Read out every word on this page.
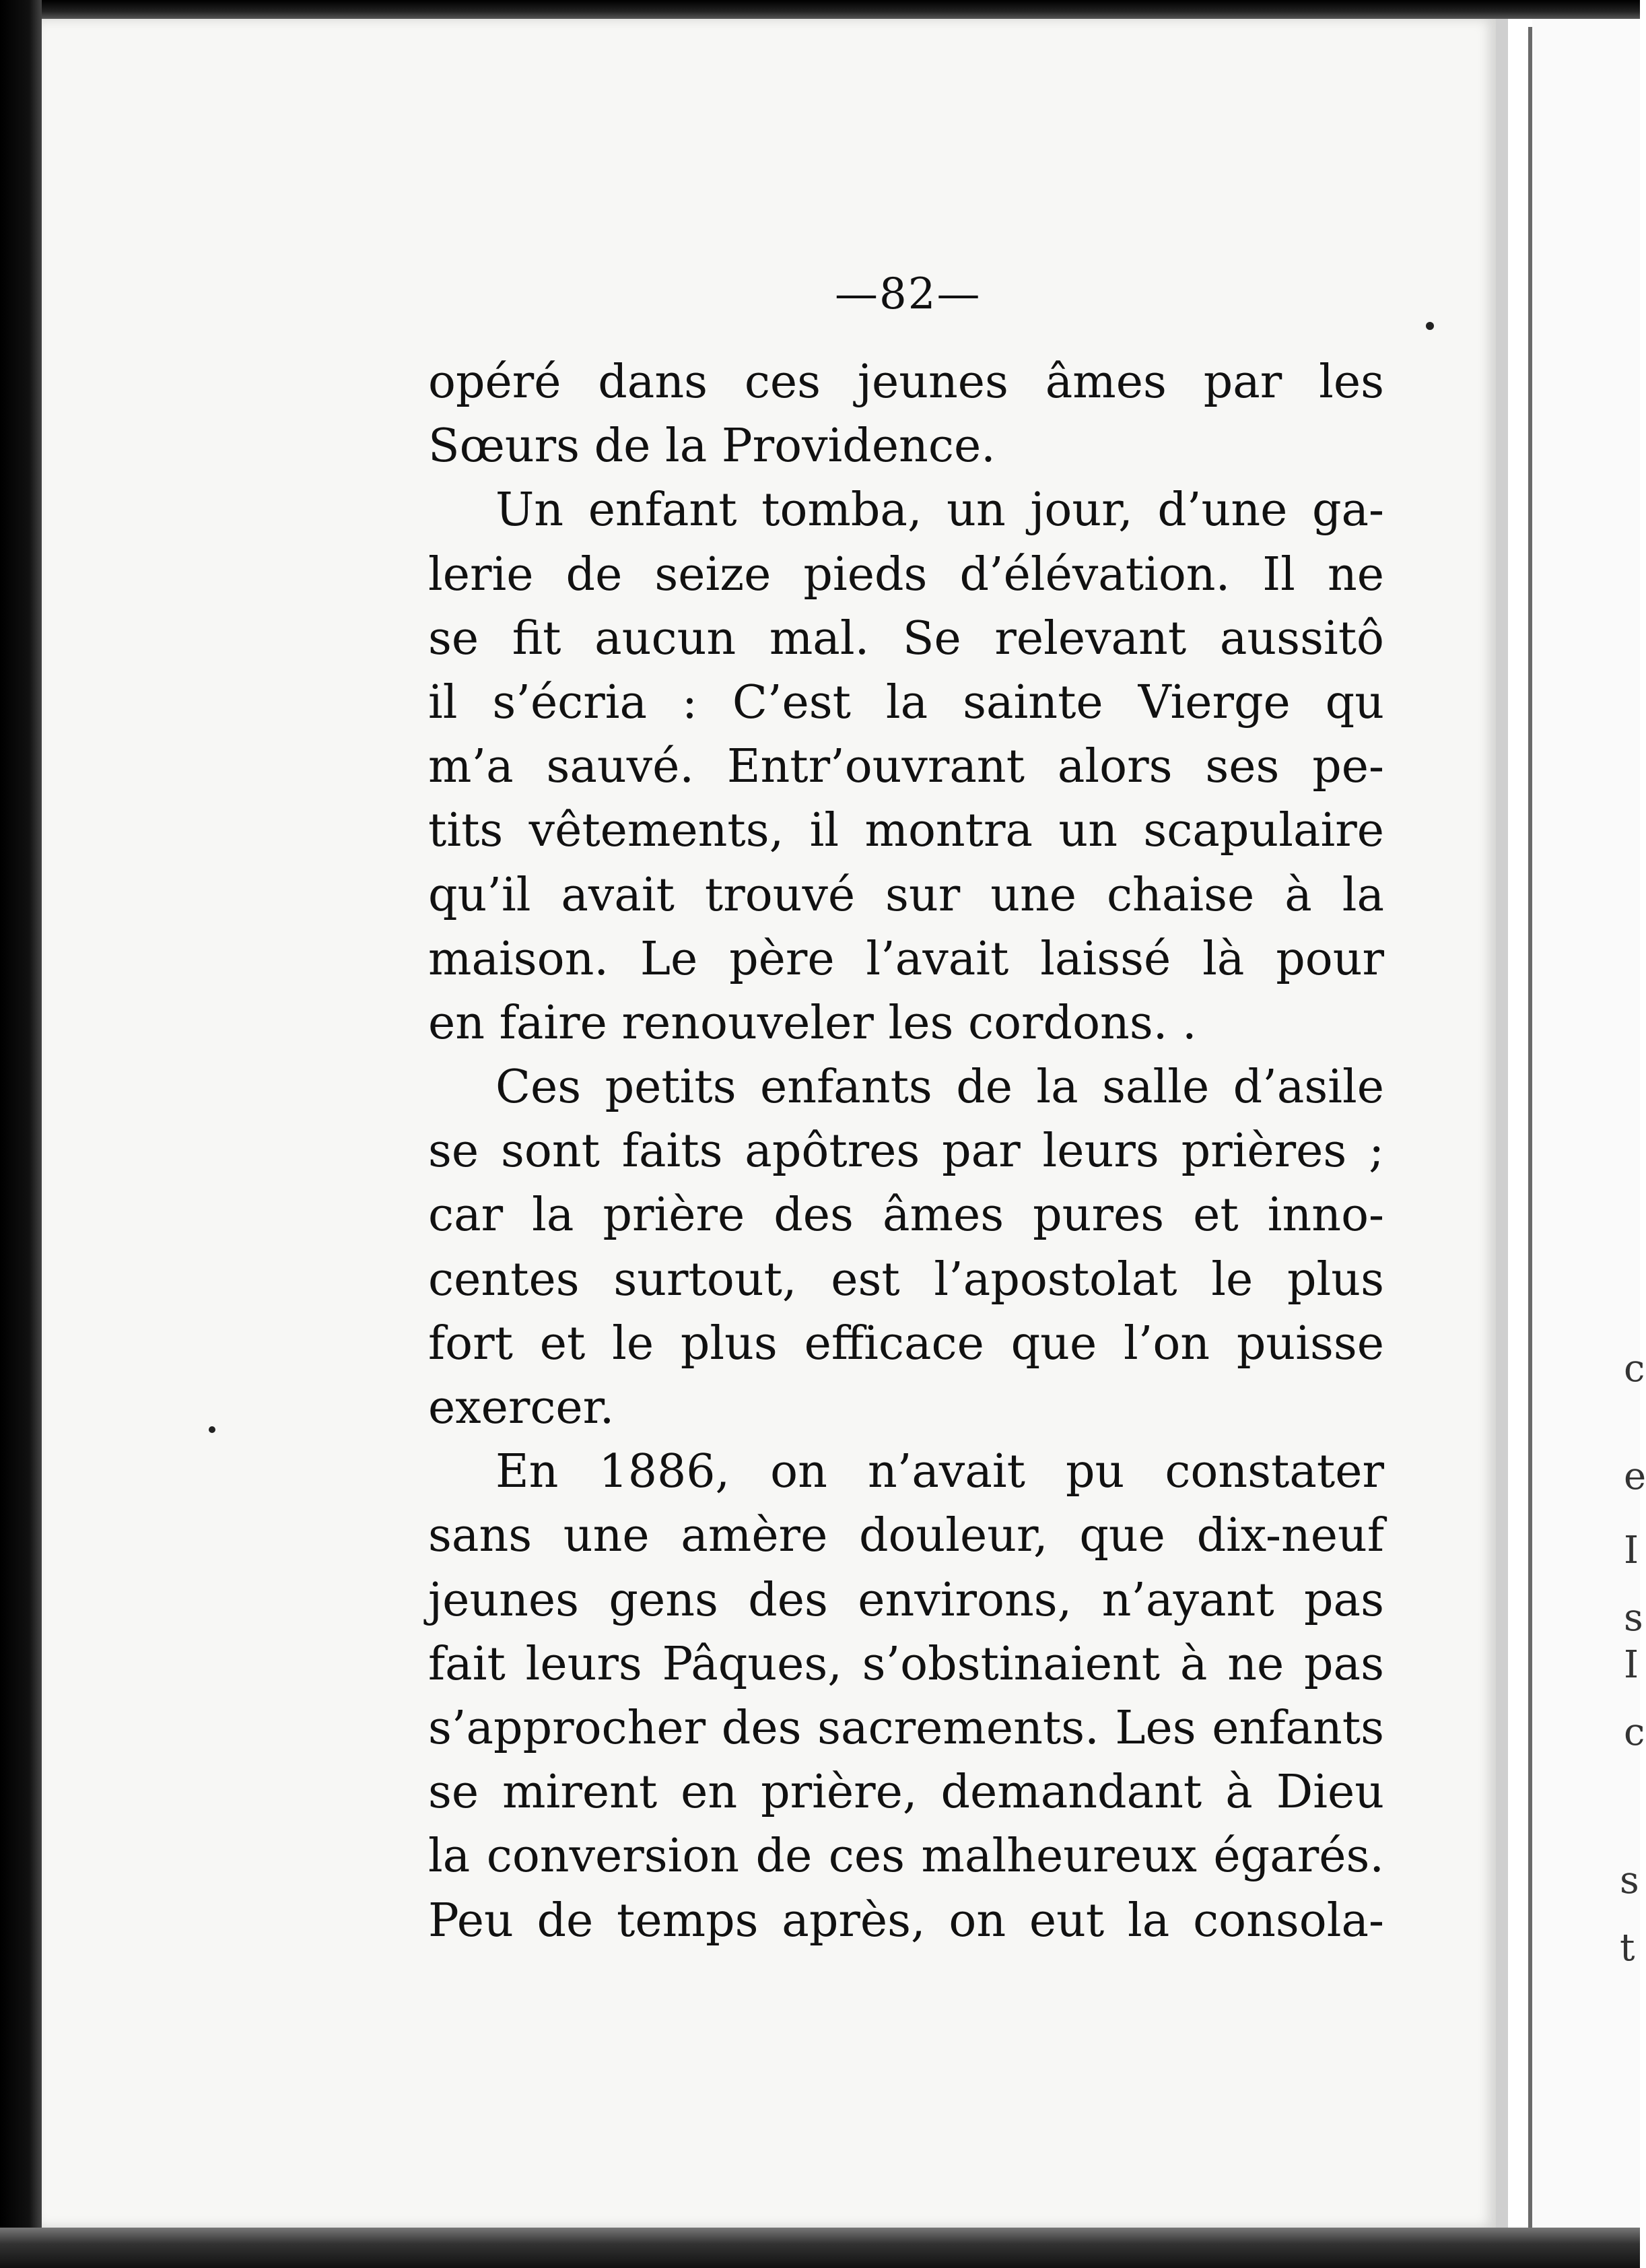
c
e
I
s
I
c
s
t
—82—
opéré dans ces jeunes âmes par les
Sœurs de la Providence.
Un enfant tomba, un jour, d’une ga-
lerie de seize pieds d’élévation. Il ne
se fit aucun mal. Se relevant aussitô
il s’écria : C’est la sainte Vierge qu
m’a sauvé. Entr’ouvrant alors ses pe-
tits vêtements, il montra un scapulaire
qu’il avait trouvé sur une chaise à la
maison. Le père l’avait laissé là pour
en faire renouveler les cordons. .
Ces petits enfants de la salle d’asile
se sont faits apôtres par leurs prières ;
car la prière des âmes pures et inno-
centes surtout, est l’apostolat le plus
fort et le plus efficace que l’on puisse
exercer.
En 1886, on n’avait pu constater
sans une amère douleur, que dix-neuf
jeunes gens des environs, n’ayant pas
fait leurs Pâques, s’obstinaient à ne pas
s’approcher des sacrements. Les enfants
se mirent en prière, demandant à Dieu
la conversion de ces malheureux égarés.
Peu de temps après, on eut la consola-
